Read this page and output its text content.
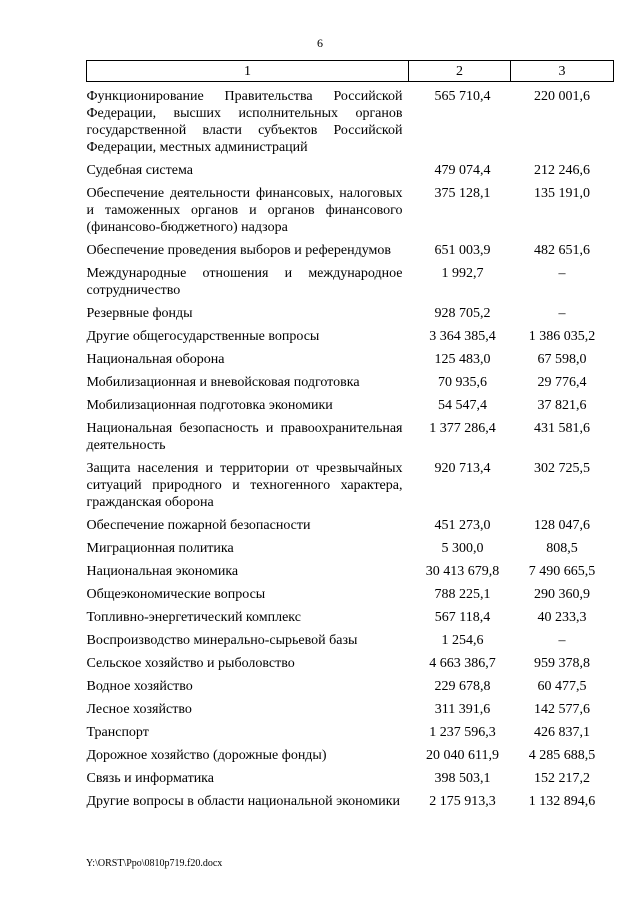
6
1	2	3
Функционирование Правительства Российской Федерации, высших исполнительных органов государственной власти субъектов Российской Федерации, местных администраций	565 710,4	220 001,6
Судебная система	479 074,4	212 246,6
Обеспечение деятельности финансовых, налоговых и таможенных органов и органов финансового (финансово-бюджетного) надзора	375 128,1	135 191,0
Обеспечение проведения выборов и референдумов	651 003,9	482 651,6
Международные отношения и международное сотрудничество	1 992,7	–
Резервные фонды	928 705,2	–
Другие общегосударственные вопросы	3 364 385,4	1 386 035,2
Национальная оборона	125 483,0	67 598,0
Мобилизационная и вневойсковая подготовка	70 935,6	29 776,4
Мобилизационная подготовка экономики	54 547,4	37 821,6
Национальная безопасность и правоохранительная деятельность	1 377 286,4	431 581,6
Защита населения и территории от чрезвычайных ситуаций природного и техногенного характера, гражданская оборона	920 713,4	302 725,5
Обеспечение пожарной безопасности	451 273,0	128 047,6
Миграционная политика	5 300,0	808,5
Национальная экономика	30 413 679,8	7 490 665,5
Общеэкономические вопросы	788 225,1	290 360,9
Топливно-энергетический комплекс	567 118,4	40 233,3
Воспроизводство минерально-сырьевой базы	1 254,6	–
Сельское хозяйство и рыболовство	4 663 386,7	959 378,8
Водное хозяйство	229 678,8	60 477,5
Лесное хозяйство	311 391,6	142 577,6
Транспорт	1 237 596,3	426 837,1
Дорожное хозяйство (дорожные фонды)	20 040 611,9	4 285 688,5
Связь и информатика	398 503,1	152 217,2
Другие вопросы в области национальной экономики	2 175 913,3	1 132 894,6
Y:\ORST\Ppo\0810p719.f20.docx
